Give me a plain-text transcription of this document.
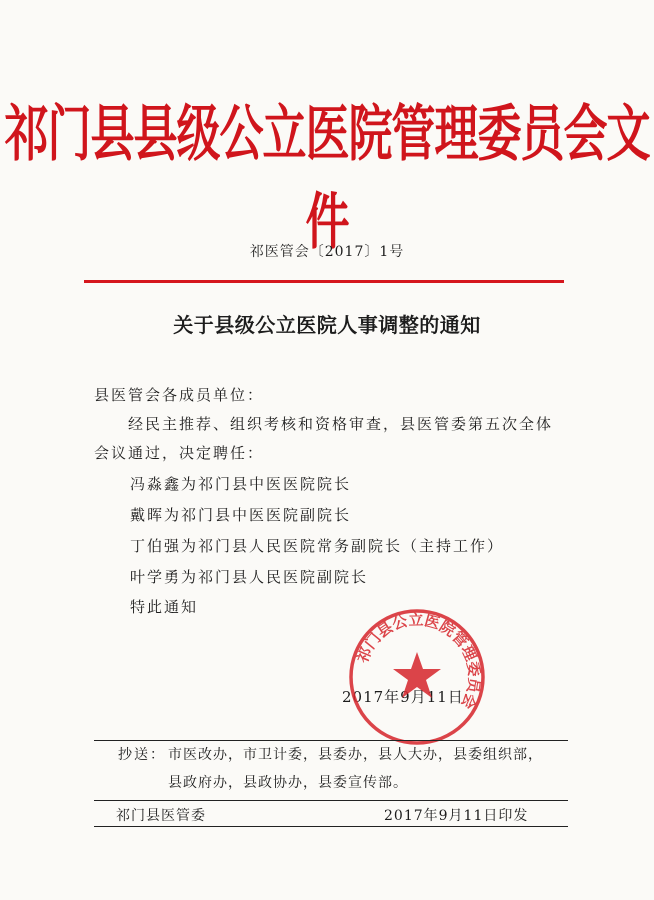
祁门县县级公立医院管理委员会文件
祁医管会〔2017〕1号
关于县级公立医院人事调整的通知
县医管会各成员单位：
经民主推荐、组织考核和资格审查，县医管委第五次全体
会议通过，决定聘任：
冯淼鑫为祁门县中医医院院长
戴晖为祁门县中医医院副院长
丁伯强为祁门县人民医院常务副院长（主持工作）
叶学勇为祁门县人民医院副院长
特此通知
2017年9月11日
祁门县公立医院管理委员会
抄送： 市医改办，市卫计委，县委办，县人大办，县委组织部，
县政府办，县政协办，县委宣传部。
祁门县医管委	2017年9月11日印发
